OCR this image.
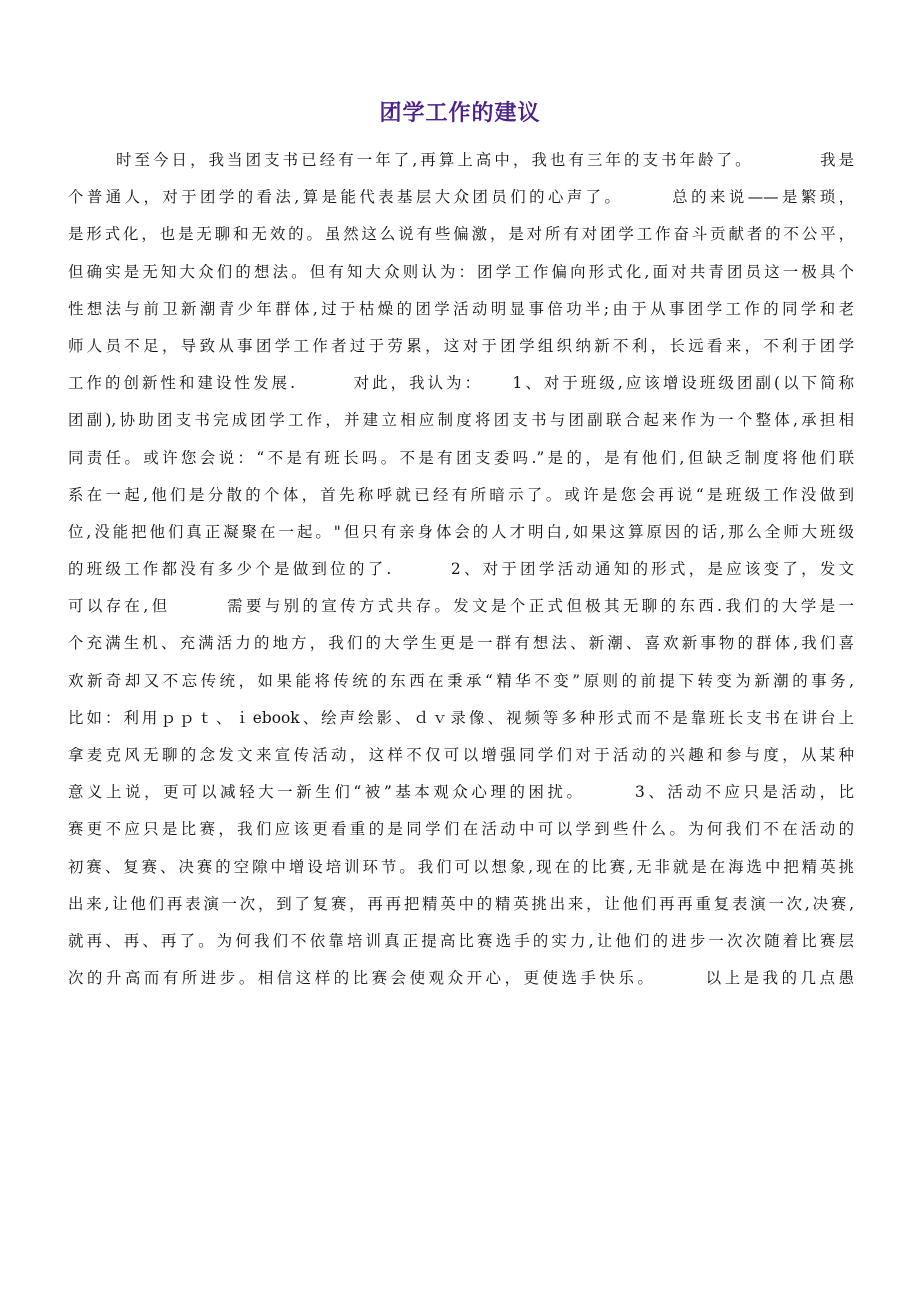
团学工作的建议
时至今日，我当团支书已经有一年了,再算上高中，我也有三年的支书年龄了。　　　　我是
个普通人，对于团学的看法,算是能代表基层大众团员们的心声了。　　　总的来说——是繁琐，
是形式化，也是无聊和无效的。虽然这么说有些偏激，是对所有对团学工作奋斗贡献者的不公平，
但确实是无知大众们的想法。但有知大众则认为：团学工作偏向形式化,面对共青团员这一极具个
性想法与前卫新潮青少年群体,过于枯燥的团学活动明显事倍功半;由于从事团学工作的同学和老
师人员不足，导致从事团学工作者过于劳累，这对于团学组织纳新不利，长远看来，不利于团学
工作的创新性和建设性发展.　　　对此，我认为：　　1、对于班级,应该增设班级团副(以下简称
团副),协助团支书完成团学工作，并建立相应制度将团支书与团副联合起来作为一个整体,承担相
同责任。或许您会说：“不是有班长吗。不是有团支委吗.”是的，是有他们,但缺乏制度将他们联
系在一起,他们是分散的个体，首先称呼就已经有所暗示了。或许是您会再说“是班级工作没做到
位,没能把他们真正凝聚在一起。"但只有亲身体会的人才明白,如果这算原因的话,那么全师大班级
的班级工作都没有多少个是做到位的了.　　　2、对于团学活动通知的形式，是应该变了，发文
可以存在,但　　　需要与别的宣传方式共存。发文是个正式但极其无聊的东西.我们的大学是一
个充满生机、充满活力的地方，我们的大学生更是一群有想法、新潮、喜欢新事物的群体,我们喜
欢新奇却又不忘传统，如果能将传统的东西在秉承“精华不变”原则的前提下转变为新潮的事务,
比如：利用ｐｐｔ、ｉebook、绘声绘影、ｄｖ录像、视频等多种形式而不是靠班长支书在讲台上
拿麦克风无聊的念发文来宣传活动，这样不仅可以增强同学们对于活动的兴趣和参与度，从某种
意义上说，更可以减轻大一新生们“被”基本观众心理的困扰。　　　3、活动不应只是活动，比
赛更不应只是比赛，我们应该更看重的是同学们在活动中可以学到些什么。为何我们不在活动的
初赛、复赛、决赛的空隙中增设培训环节。我们可以想象,现在的比赛,无非就是在海选中把精英挑
出来,让他们再表演一次，到了复赛，再再把精英中的精英挑出来，让他们再再重复表演一次,决赛,
就再、再、再了。为何我们不依靠培训真正提高比赛选手的实力,让他们的进步一次次随着比赛层
次的升高而有所进步。相信这样的比赛会使观众开心，更使选手快乐。　　　以上是我的几点愚
